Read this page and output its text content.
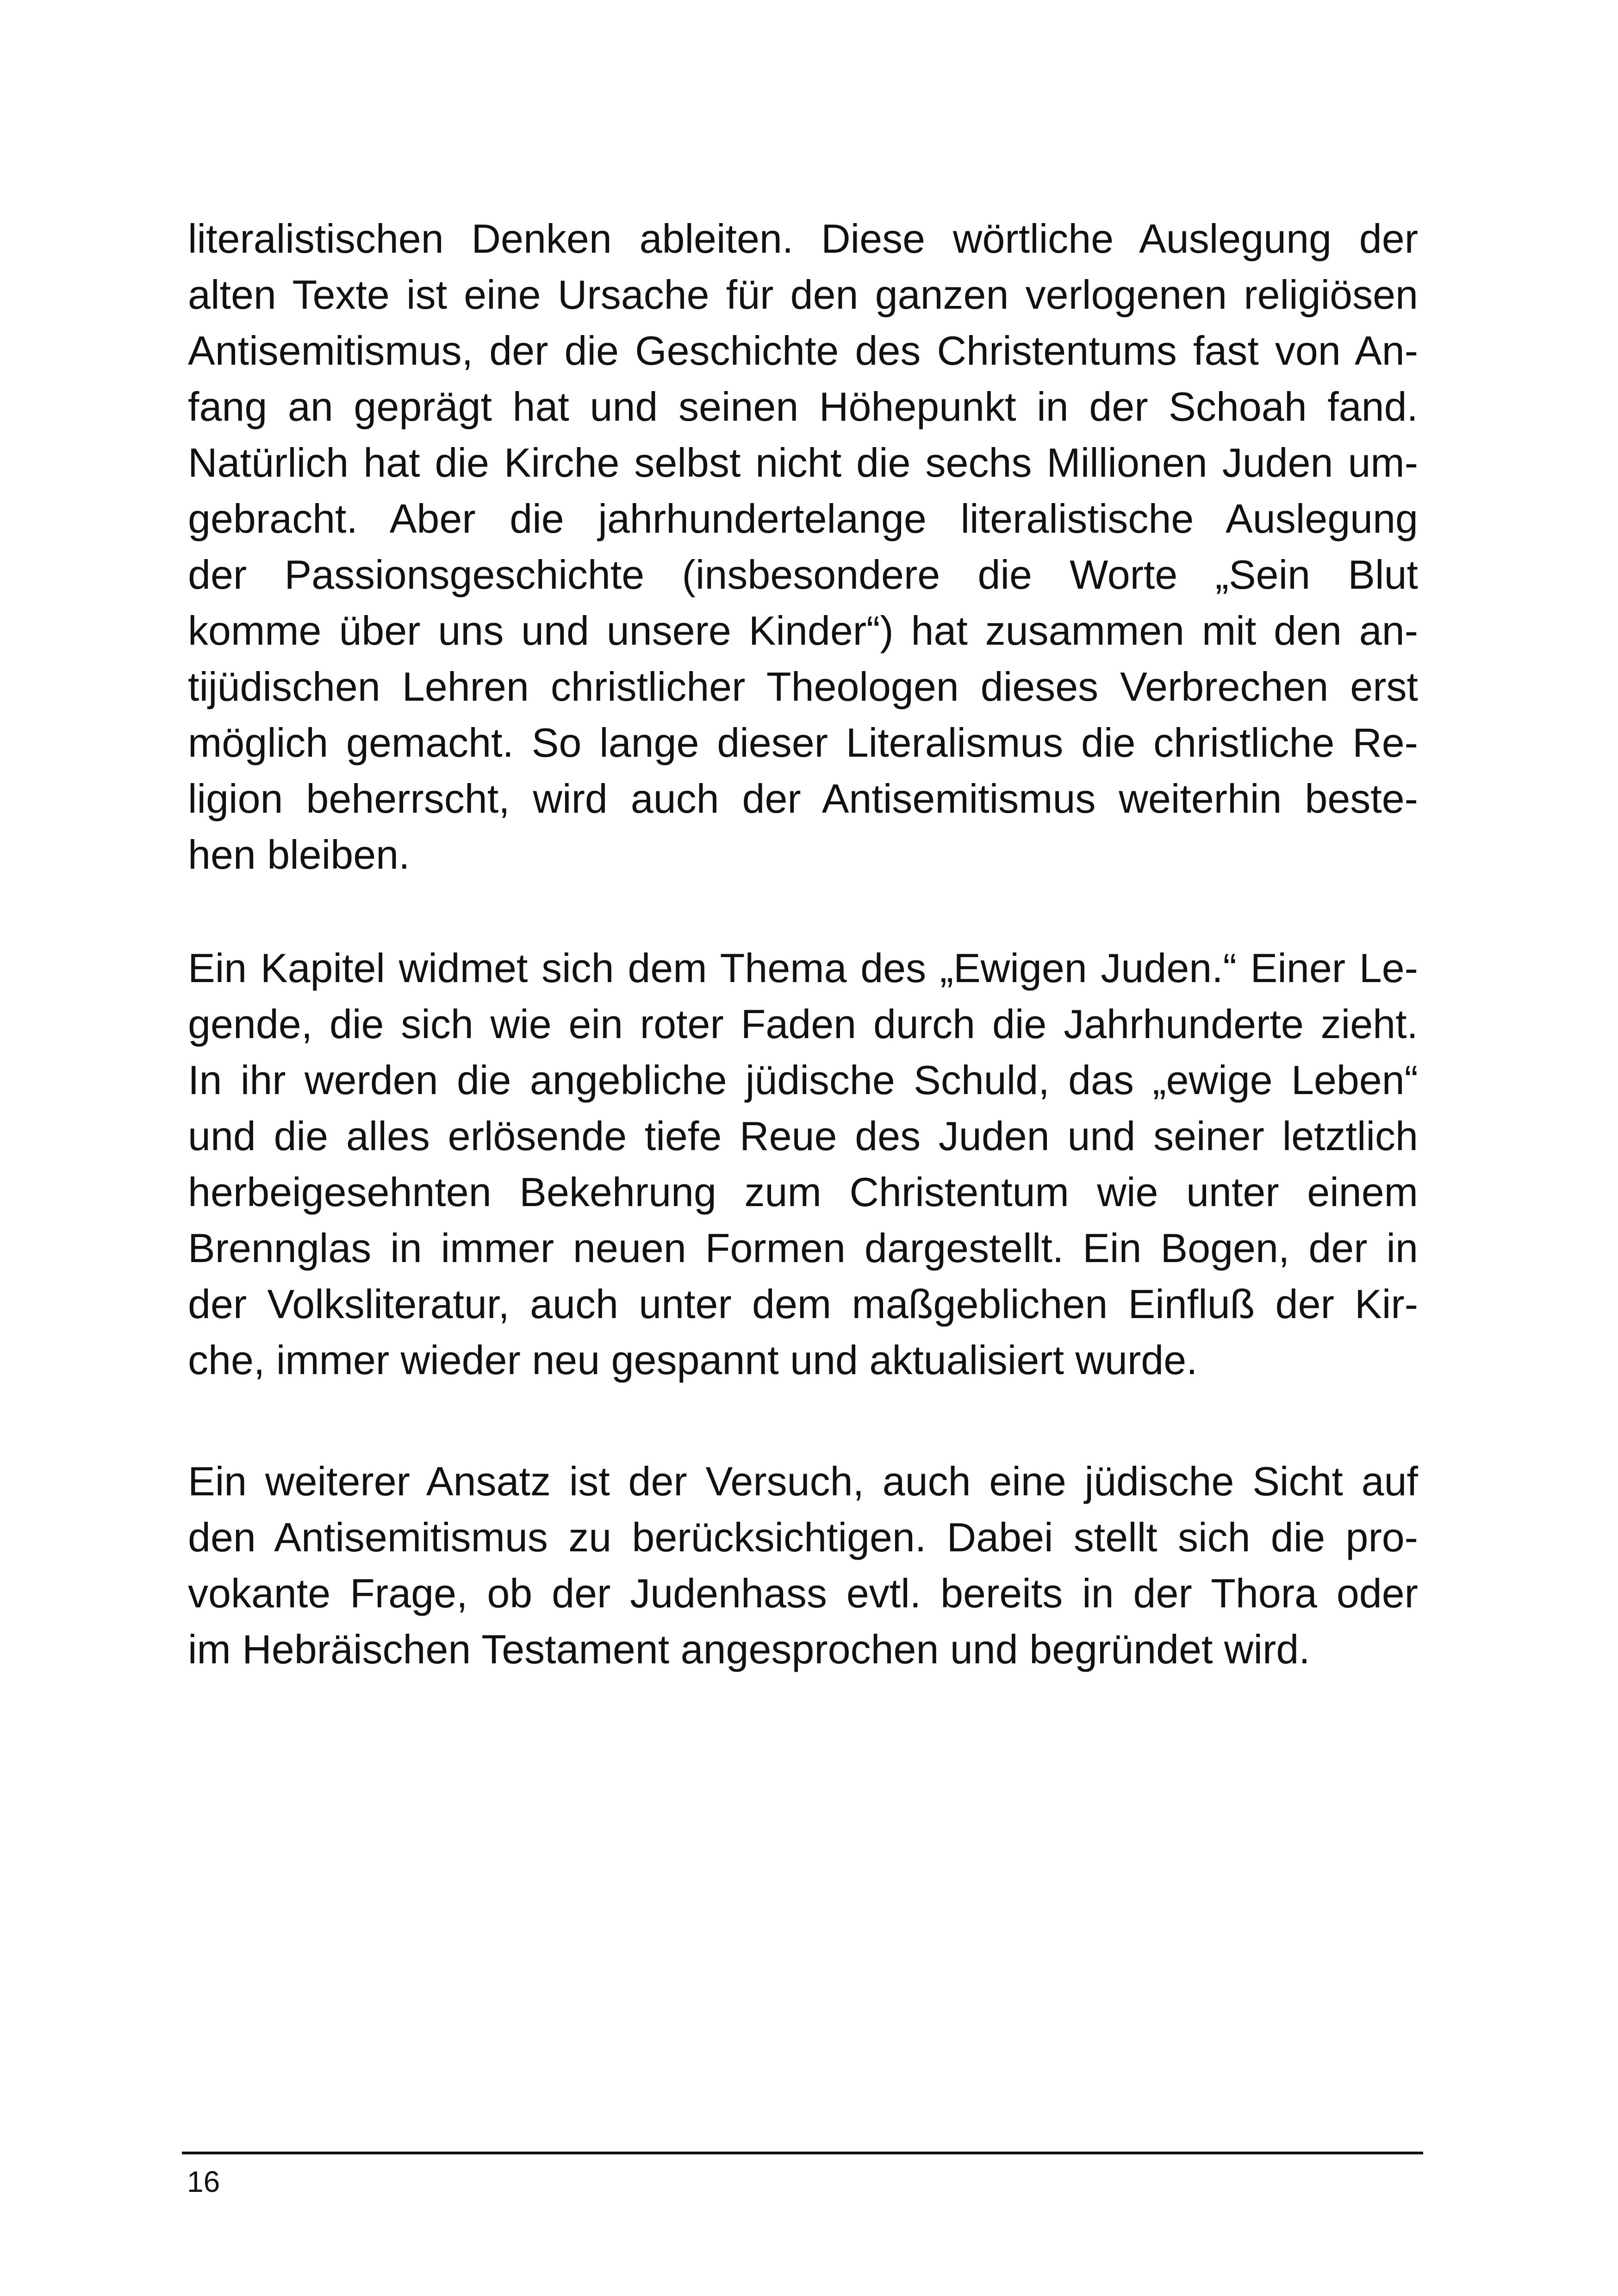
literalistischen Denken ableiten. Diese wörtliche Auslegung der
alten Texte ist eine Ursache für den ganzen verlogenen religiösen
Antisemitismus, der die Geschichte des Christentums fast von An-
fang an geprägt hat und seinen Höhepunkt in der Schoah fand.
Natürlich hat die Kirche selbst nicht die sechs Millionen Juden um-
gebracht. Aber die jahrhundertelange literalistische Auslegung
der Passionsgeschichte (insbesondere die Worte „Sein Blut
komme über uns und unsere Kinder“) hat zusammen mit den an-
tijüdischen Lehren christlicher Theologen dieses Verbrechen erst
möglich gemacht. So lange dieser Literalismus die christliche Re-
ligion beherrscht, wird auch der Antisemitismus weiterhin beste-
hen bleiben.
Ein Kapitel widmet sich dem Thema des „Ewigen Juden.“ Einer Le-
gende, die sich wie ein roter Faden durch die Jahrhunderte zieht.
In ihr werden die angebliche jüdische Schuld, das „ewige Leben“
und die alles erlösende tiefe Reue des Juden und seiner letztlich
herbeigesehnten Bekehrung zum Christentum wie unter einem
Brennglas in immer neuen Formen dargestellt. Ein Bogen, der in
der Volksliteratur, auch unter dem maßgeblichen Einfluß der Kir-
che, immer wieder neu gespannt und aktualisiert wurde.
Ein weiterer Ansatz ist der Versuch, auch eine jüdische Sicht auf
den Antisemitismus zu berücksichtigen. Dabei stellt sich die pro-
vokante Frage, ob der Judenhass evtl. bereits in der Thora oder
im Hebräischen Testament angesprochen und begründet wird.
16
